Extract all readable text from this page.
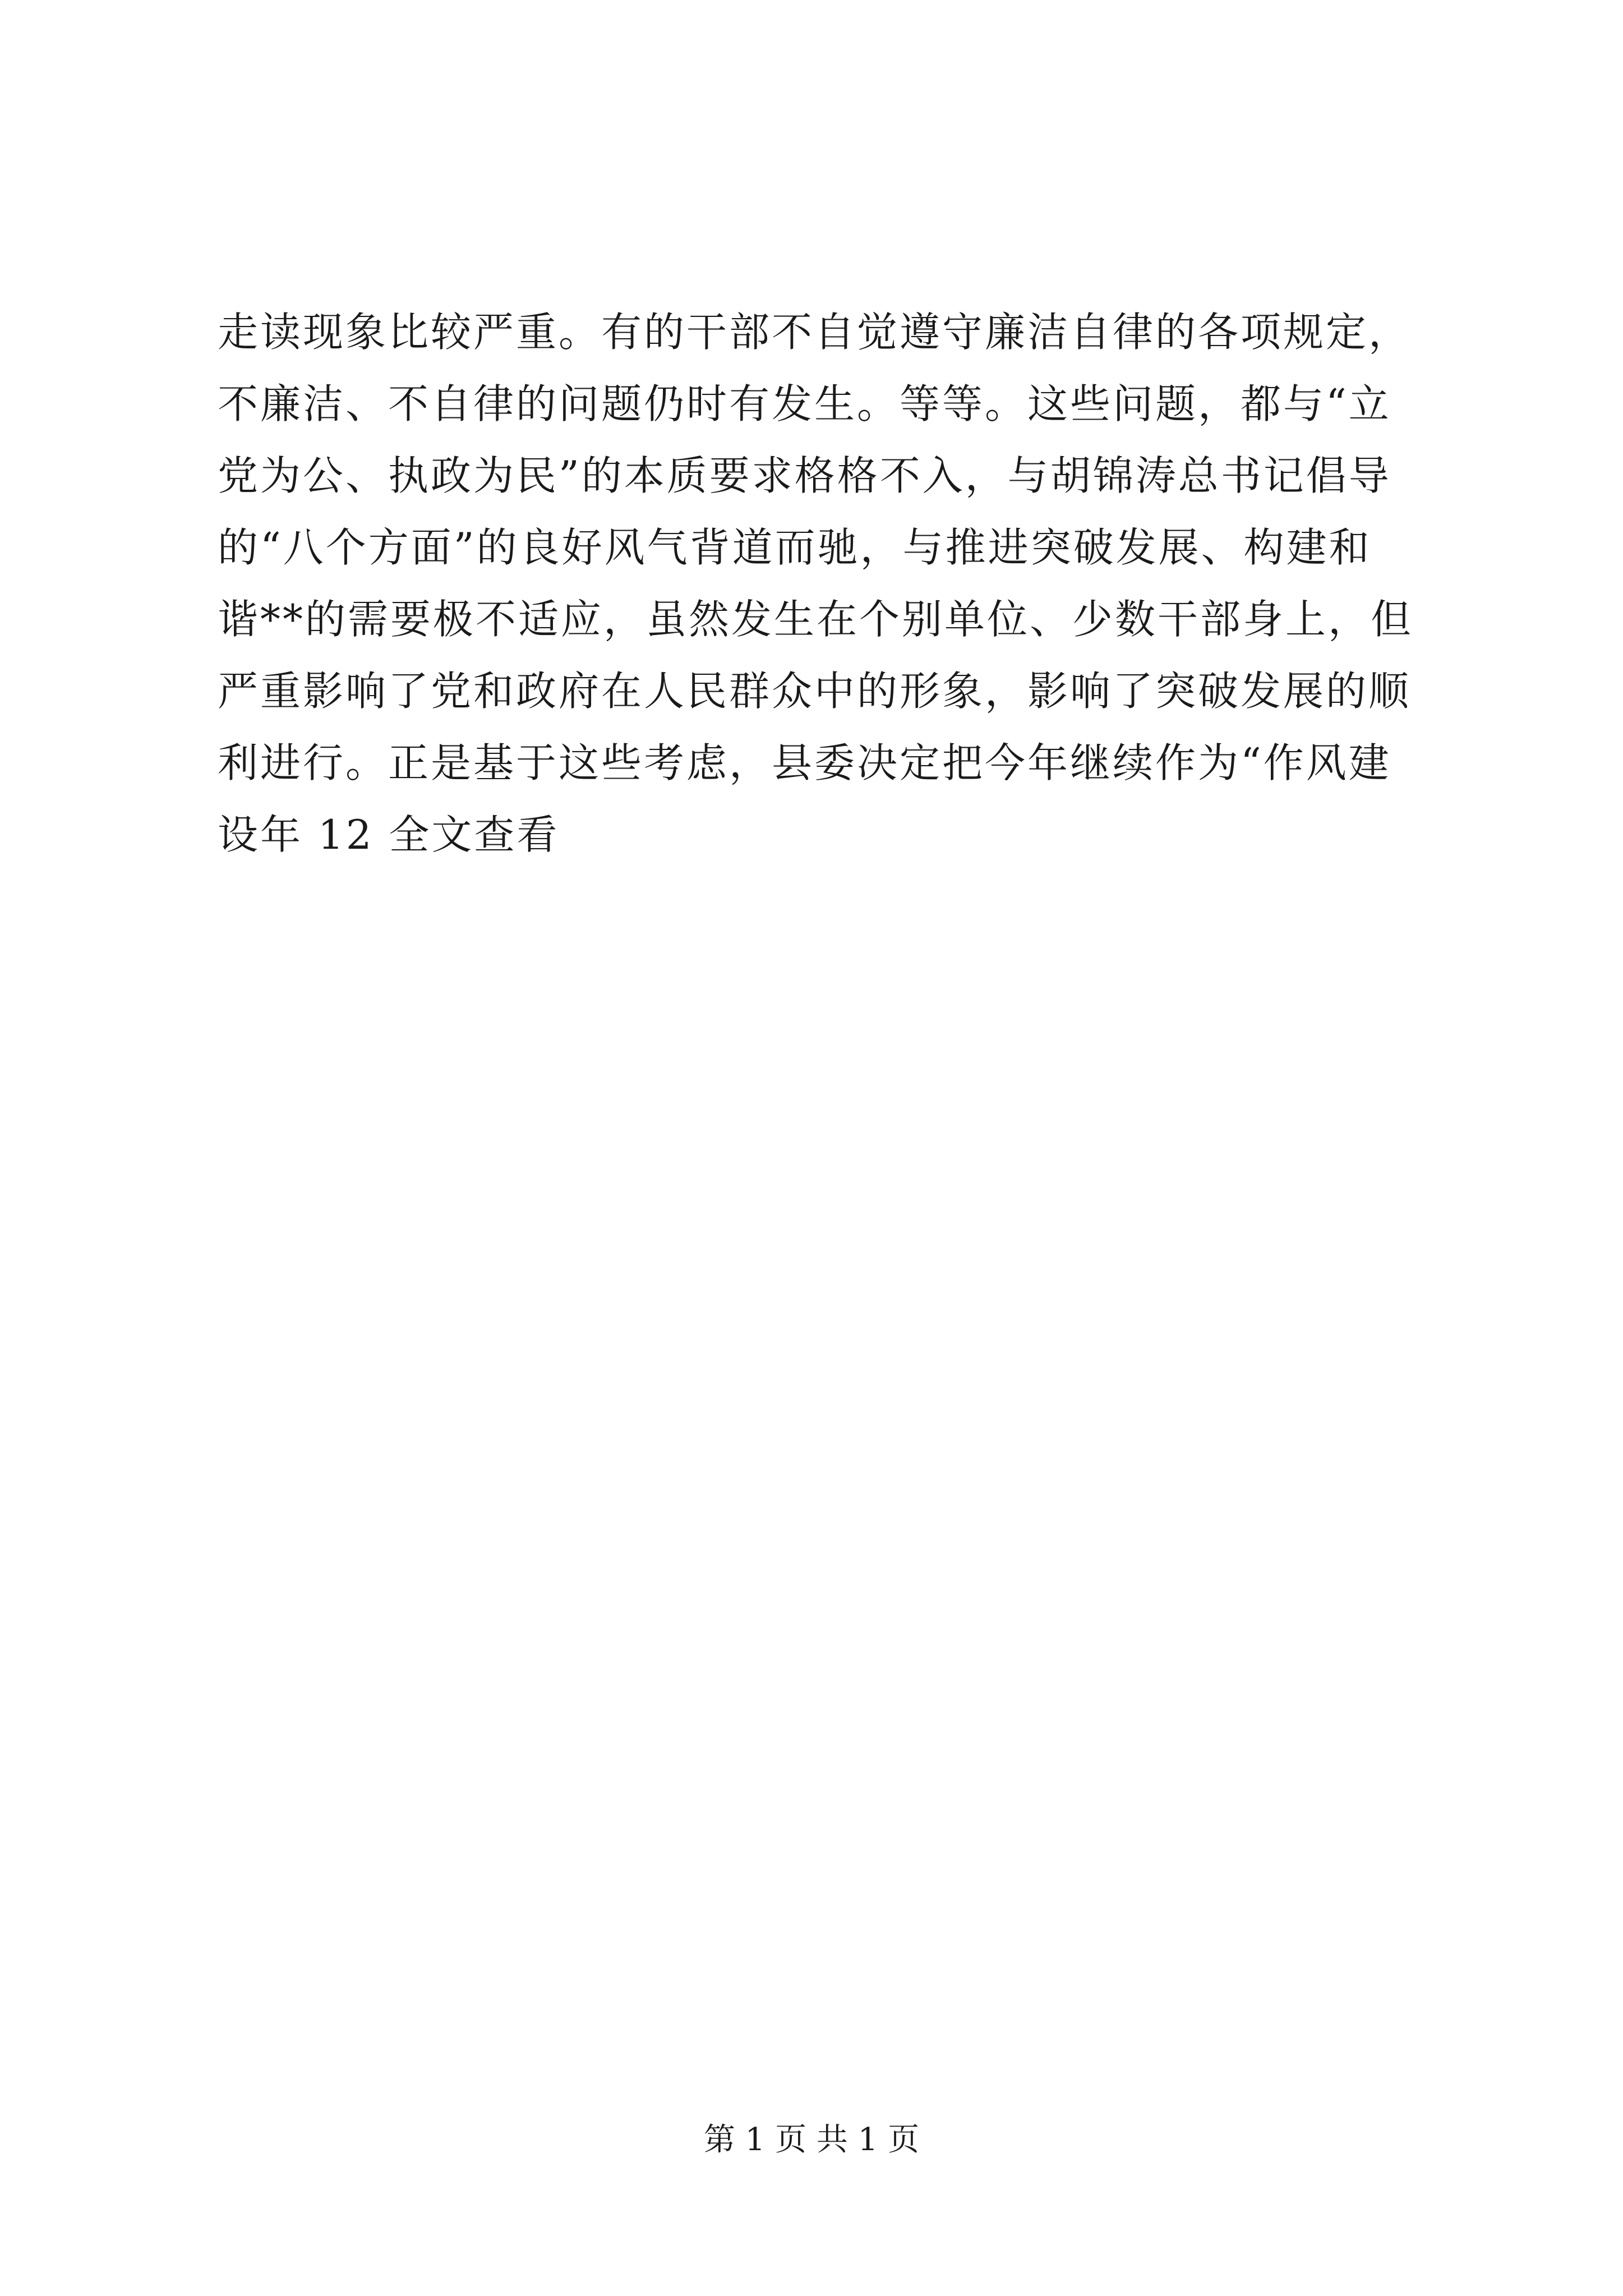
走读现象比较严重。有的干部不自觉遵守廉洁自律的各项规定，
不廉洁、不自律的问题仍时有发生。等等。这些问题，都与“立
党为公、执政为民”的本质要求格格不入，与胡锦涛总书记倡导
的“八个方面”的良好风气背道而驰，与推进突破发展、构建和
谐**的需要极不适应，虽然发生在个别单位、少数干部身上，但
严重影响了党和政府在人民群众中的形象，影响了突破发展的顺
利进行。正是基于这些考虑，县委决定把今年继续作为“作风建
设年 12 全文查看
第 1 页 共 1 页
